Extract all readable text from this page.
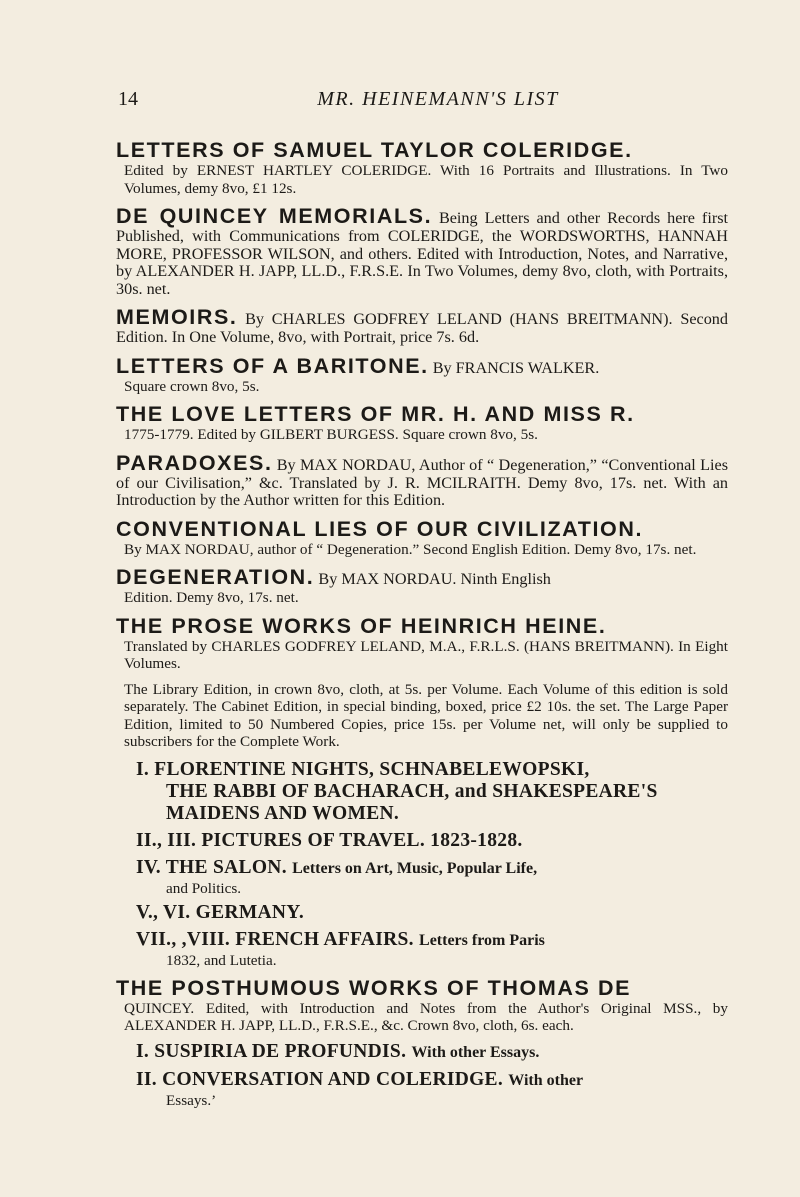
14	MR. HEINEMANN'S LIST
LETTERS OF SAMUEL TAYLOR COLERIDGE.
Edited by ERNEST HARTLEY COLERIDGE. With 16 Portraits and Illustrations. In Two Volumes, demy 8vo, £1 12s.
DE QUINCEY MEMORIALS. Being Letters and other Records here first Published, with Communications from COLERIDGE, the WORDSWORTHS, HANNAH MORE, PROFESSOR WILSON, and others. Edited with Introduction, Notes, and Narrative, by ALEXANDER H. JAPP, LL.D., F.R.S.E. In Two Volumes, demy 8vo, cloth, with Portraits, 30s. net.
MEMOIRS. By CHARLES GODFREY LELAND (HANS BREITMANN). Second Edition. In One Volume, 8vo, with Portrait, price 7s. 6d.
LETTERS OF A BARITONE. By FRANCIS WALKER.
Square crown 8vo, 5s.
THE LOVE LETTERS OF MR. H. AND MISS R.
1775-1779. Edited by GILBERT BURGESS. Square crown 8vo, 5s.
PARADOXES. By MAX NORDAU, Author of “ Degeneration,” “Conventional Lies of our Civilisation,” &c. Translated by J. R. MCILRAITH. Demy 8vo, 17s. net. With an Introduction by the Author written for this Edition.
CONVENTIONAL LIES OF OUR CIVILIZATION.
By MAX NORDAU, author of “ Degeneration.” Second English Edition. Demy 8vo, 17s. net.
DEGENERATION. By MAX NORDAU. Ninth English
Edition. Demy 8vo, 17s. net.
THE PROSE WORKS OF HEINRICH HEINE.
Translated by CHARLES GODFREY LELAND, M.A., F.R.L.S. (HANS BREITMANN). In Eight Volumes.
The Library Edition, in crown 8vo, cloth, at 5s. per Volume. Each Volume of this edition is sold separately. The Cabinet Edition, in special binding, boxed, price £2 10s. the set. The Large Paper Edition, limited to 50 Numbered Copies, price 15s. per Volume net, will only be supplied to subscribers for the Complete Work.
I. FLORENTINE NIGHTS, SCHNABELEWOPSKI,
THE RABBI OF BACHARACH, and SHAKESPEARE'S MAIDENS AND WOMEN.
II., III. PICTURES OF TRAVEL. 1823-1828.
IV. THE SALON. Letters on Art, Music, Popular Life,
and Politics.
V., VI. GERMANY.
VII., ,VIII. FRENCH AFFAIRS. Letters from Paris
1832, and Lutetia.
THE POSTHUMOUS WORKS OF THOMAS DE
QUINCEY. Edited, with Introduction and Notes from the Author's Original MSS., by ALEXANDER H. JAPP, LL.D., F.R.S.E., &c. Crown 8vo, cloth, 6s. each.
I. SUSPIRIA DE PROFUNDIS. With other Essays.
II. CONVERSATION AND COLERIDGE. With other
Essays.’
